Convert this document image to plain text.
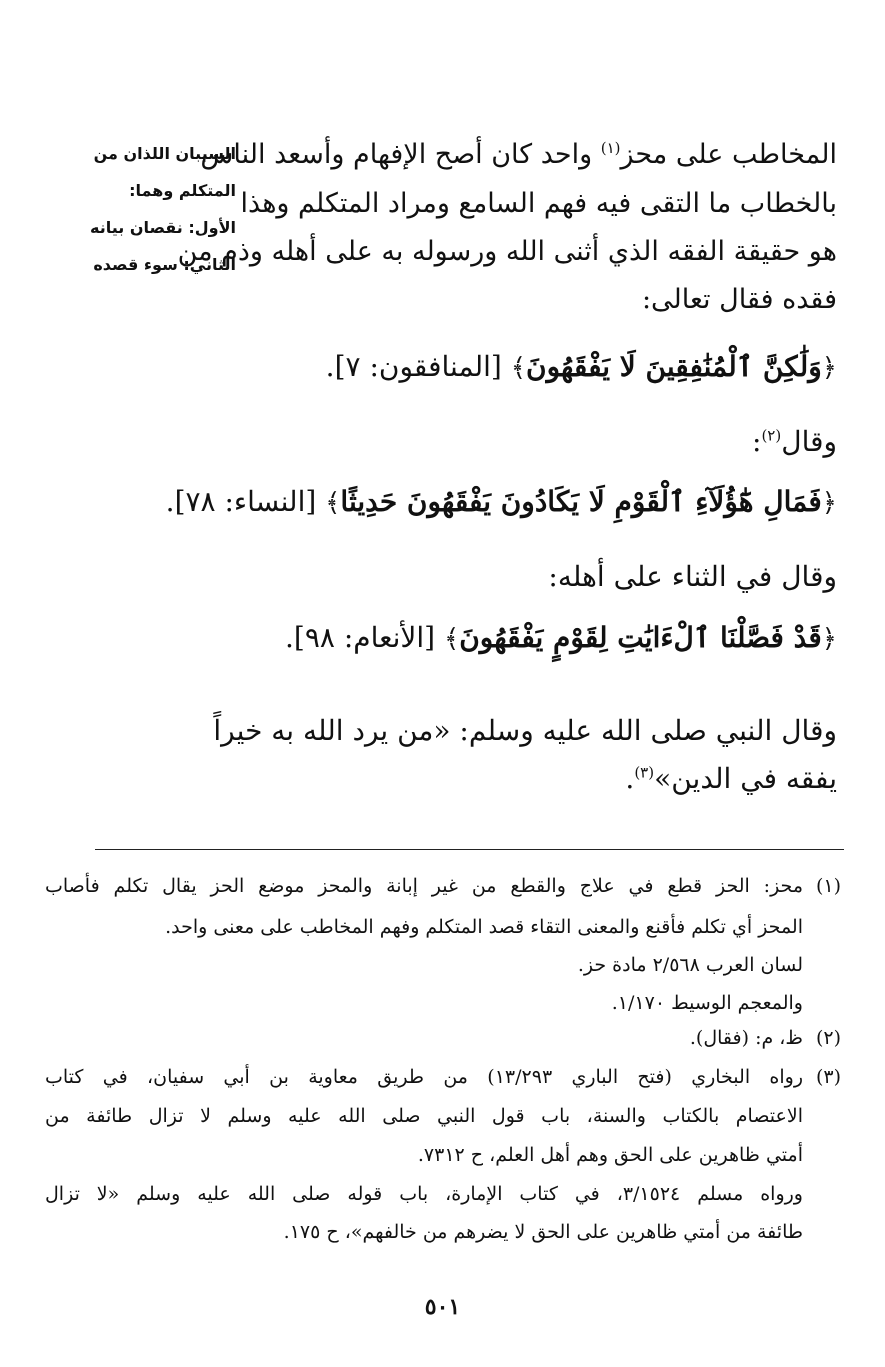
السببان اللذان من
المتكلم وهما:
الأول: نقصان بيانه
الثاني: سوء قصده
المخاطب على محز$^{(١)}$ واحد كان أصح الإفهام وأسعد الناس
بالخطاب ما التقى فيه فهم السامع ومراد المتكلم وهذا
هو حقيقة الفقه الذي أثنى الله ورسوله به على أهله وذم من
فقده فقال تعالى:
﴿وَلَٰكِنَّ ٱلْمُنَٰفِقِينَ لَا يَفْقَهُونَ﴾ [المنافقون: ٧].
وقال$^{(٢)}$:
﴿فَمَالِ هَٰٓؤُلَآءِ ٱلْقَوْمِ لَا يَكَادُونَ يَفْقَهُونَ حَدِيثًا﴾ [النساء: ٧٨].
وقال في الثناء على أهله:
﴿قَدْ فَصَّلْنَا ٱلْءَايَٰتِ لِقَوْمٍ يَفْقَهُونَ﴾ [الأنعام: ٩٨].
وقال النبي صلى الله عليه وسلم: «من يرد الله به خيراً
يفقه في الدين»$^{(٣)}$.
(١)
محز: الحز قطع في علاج والقطع من غير إبانة والمحز موضع الحز يقال تكلم فأصاب
المحز أي تكلم فأقنع والمعنى التقاء قصد المتكلم وفهم المخاطب على معنى واحد.
لسان العرب ٢/٥٦٨ مادة حز.
والمعجم الوسيط ١/١٧٠.
(٢)
ظ، م: (فقال).
(٣)
رواه البخاري (فتح الباري ١٣/٢٩٣) من طريق معاوية بن أبي سفيان، في كتاب
الاعتصام بالكتاب والسنة، باب قول النبي صلى الله عليه وسلم لا تزال طائفة من
أمتي ظاهرين على الحق وهم أهل العلم، ح ٧٣١٢.
ورواه مسلم ٣/١٥٢٤، في كتاب الإمارة، باب قوله صلى الله عليه وسلم «لا تزال
طائفة من أمتي ظاهرين على الحق لا يضرهم من خالفهم»، ح ١٧٥.
٥٠١
